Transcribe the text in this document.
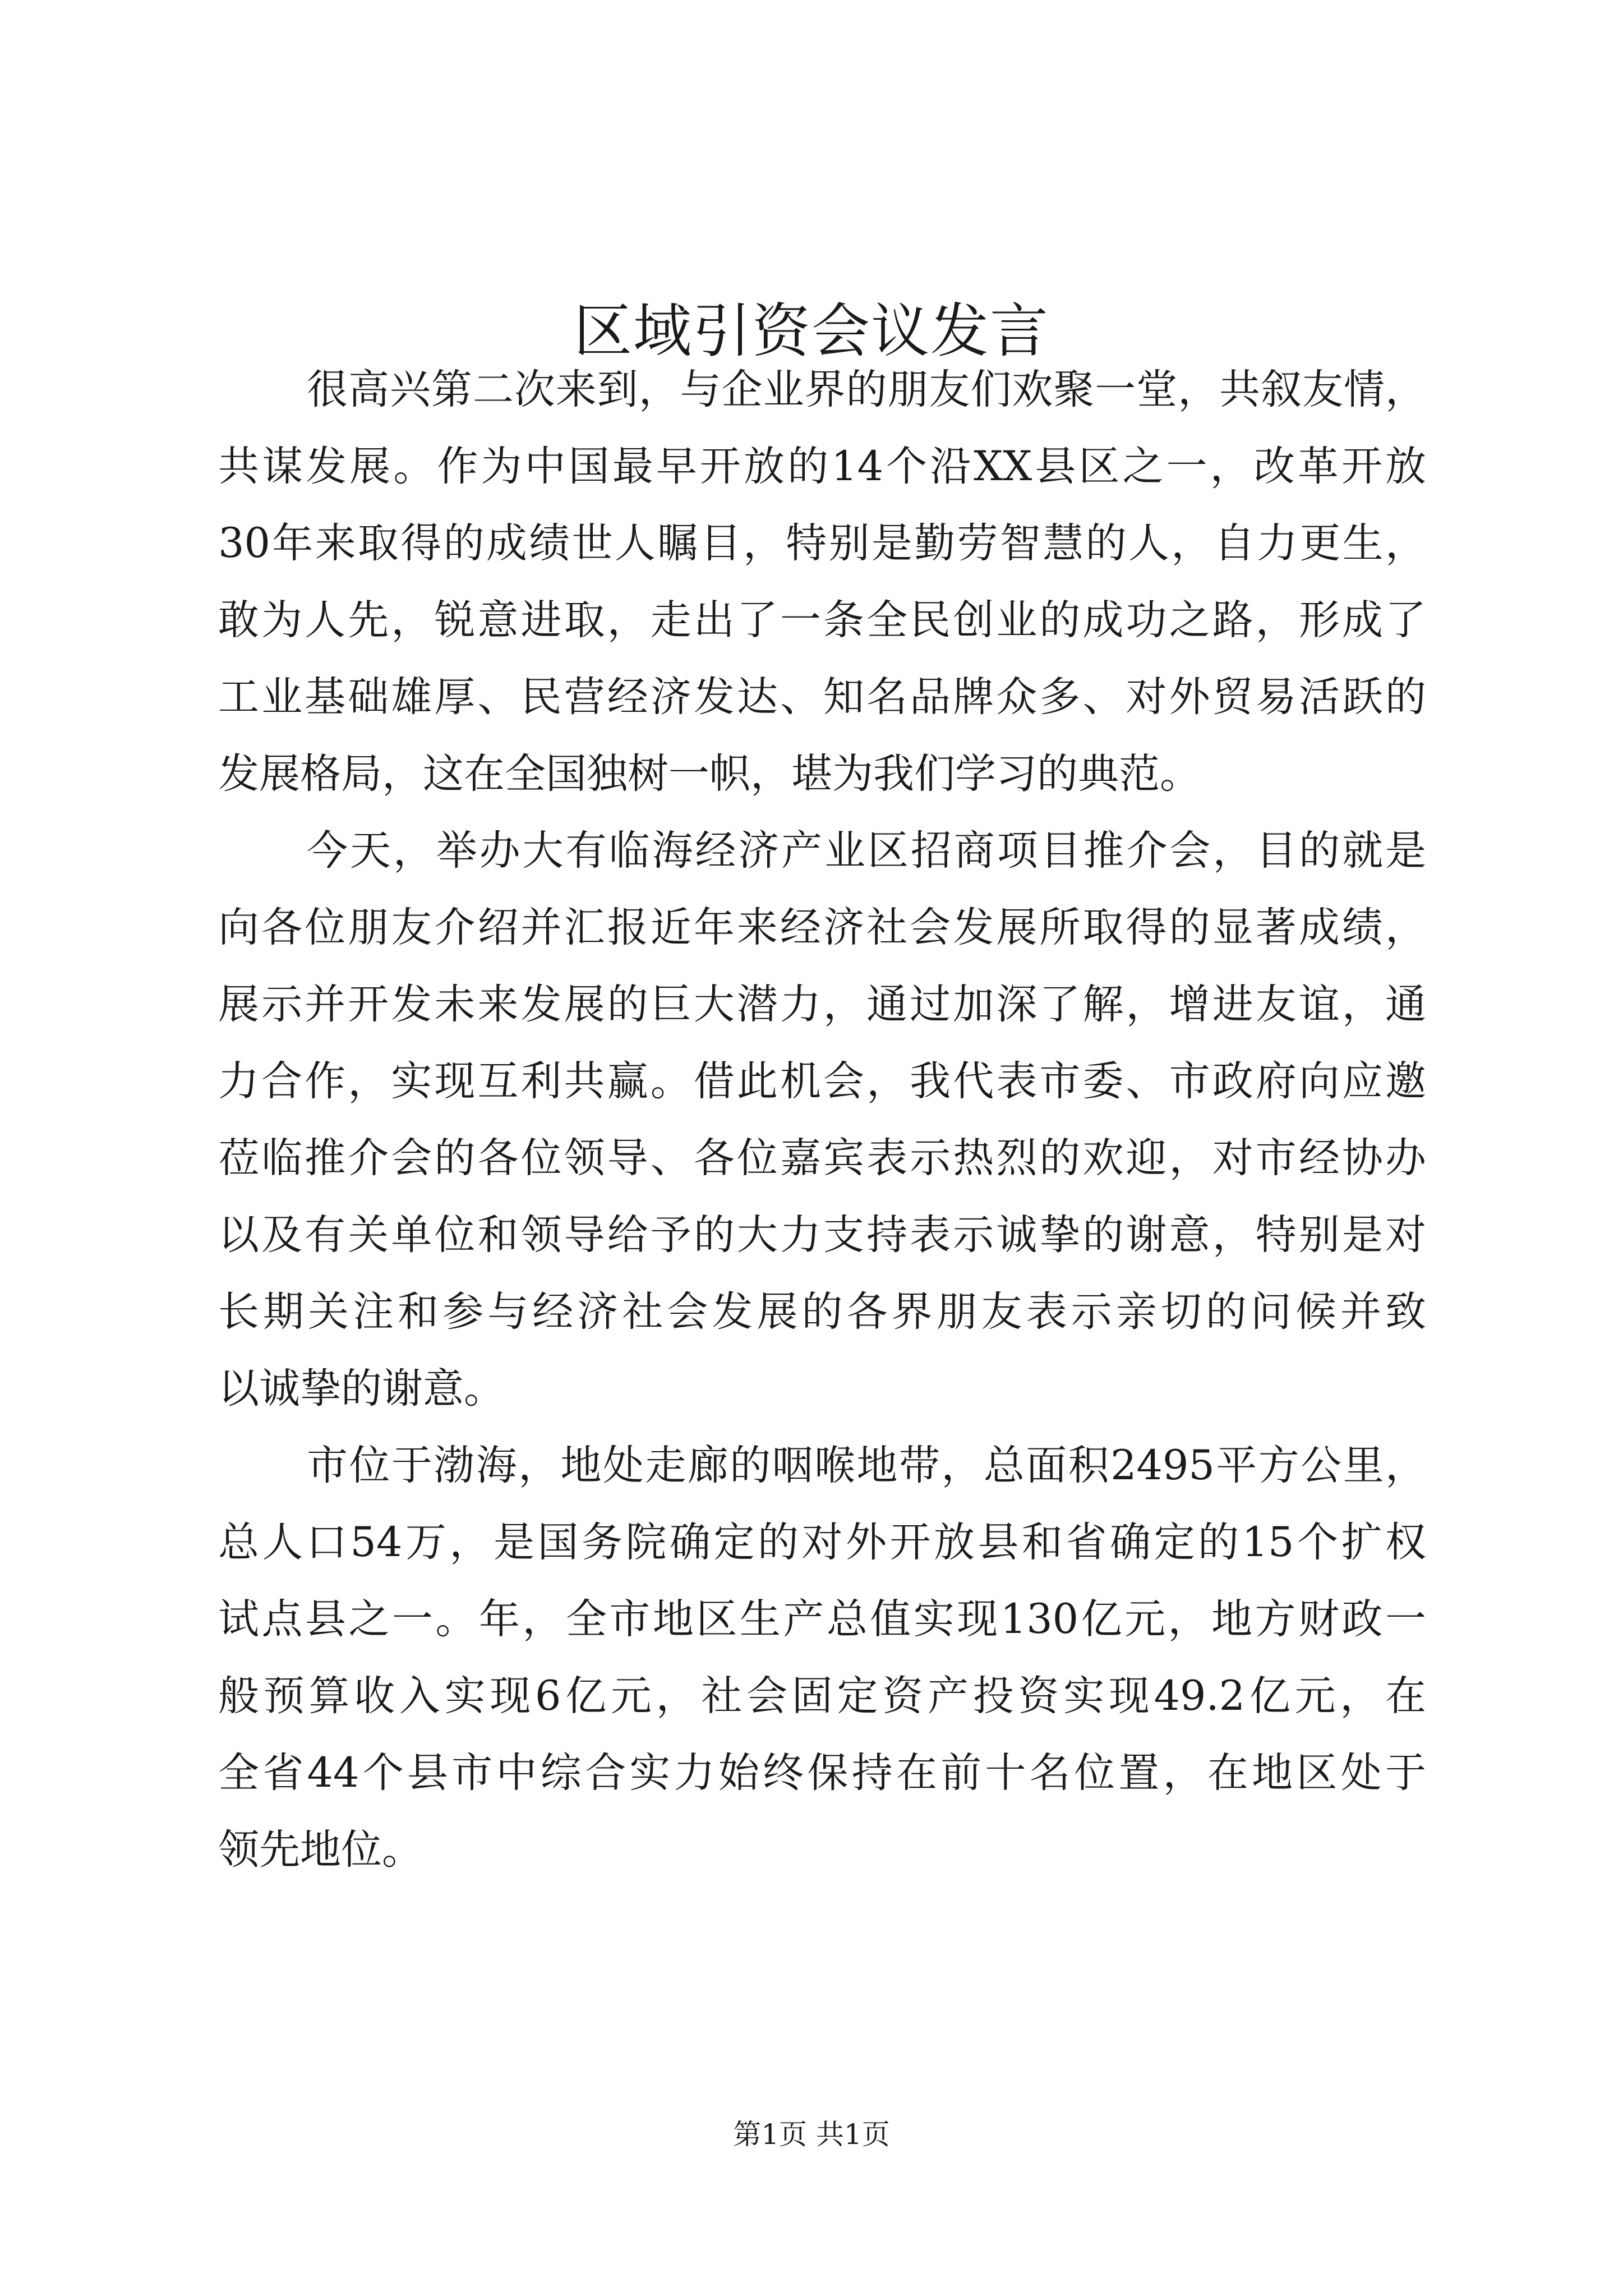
区域引资会议发言
很高兴第二次来到，与企业界的朋友们欢聚一堂，共叙友情，
共谋发展。作为中国最早开放的14个沿XX县区之一，改革开放
30年来取得的成绩世人瞩目，特别是勤劳智慧的人，自力更生，
敢为人先，锐意进取，走出了一条全民创业的成功之路，形成了
工业基础雄厚、民营经济发达、知名品牌众多、对外贸易活跃的
发展格局，这在全国独树一帜，堪为我们学习的典范。
今天，举办大有临海经济产业区招商项目推介会，目的就是
向各位朋友介绍并汇报近年来经济社会发展所取得的显著成绩，
展示并开发未来发展的巨大潜力，通过加深了解，增进友谊，通
力合作，实现互利共赢。借此机会，我代表市委、市政府向应邀
莅临推介会的各位领导、各位嘉宾表示热烈的欢迎，对市经协办
以及有关单位和领导给予的大力支持表示诚挚的谢意，特别是对
长期关注和参与经济社会发展的各界朋友表示亲切的问候并致
以诚挚的谢意。
市位于渤海，地处走廊的咽喉地带，总面积2495平方公里，
总人口54万，是国务院确定的对外开放县和省确定的15个扩权
试点县之一。年，全市地区生产总值实现130亿元，地方财政一
般预算收入实现6亿元，社会固定资产投资实现49.2亿元，在
全省44个县市中综合实力始终保持在前十名位置，在地区处于
领先地位。
第1页 共1页
